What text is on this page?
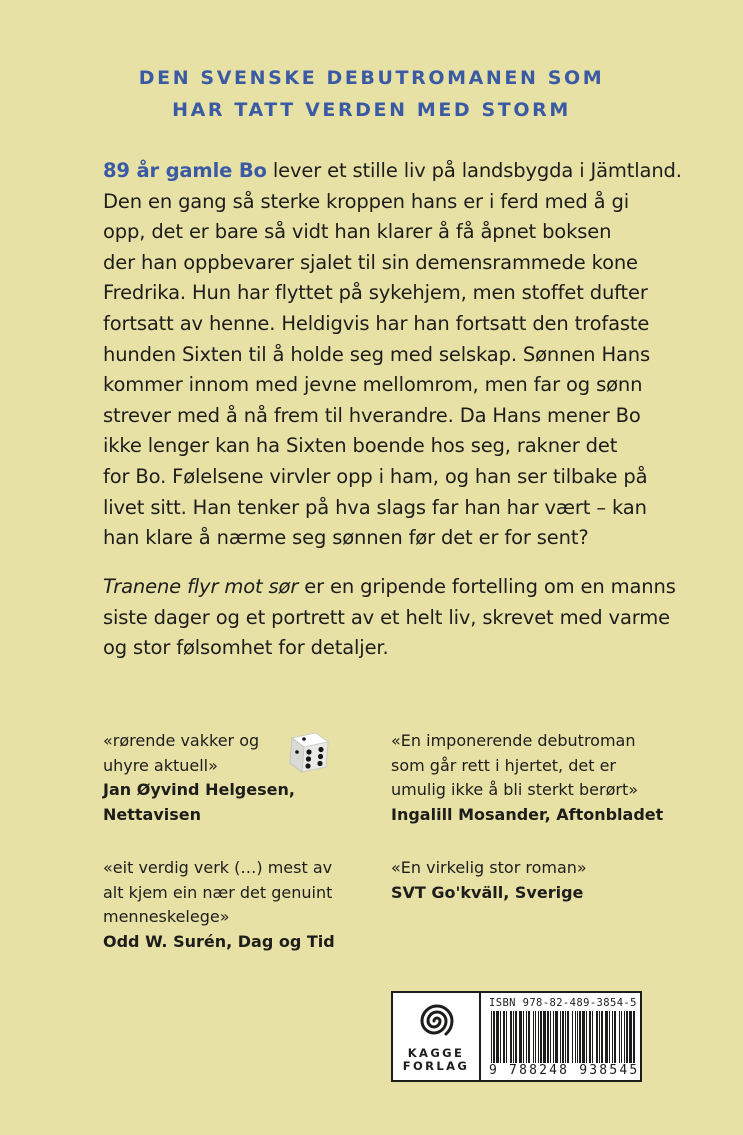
DEN SVENSKE DEBUTROMANEN SOM
HAR TATT VERDEN MED STORM
89 år gamle Bo lever et stille liv på landsbygda i Jämtland.
Den en gang så sterke kroppen hans er i ferd med å gi
opp, det er bare så vidt han klarer å få åpnet boksen
der han oppbevarer sjalet til sin demensrammede kone
Fredrika. Hun har flyttet på sykehjem, men stoffet dufter
fortsatt av henne. Heldigvis har han fortsatt den trofaste
hunden Sixten til å holde seg med selskap. Sønnen Hans
kommer innom med jevne mellomrom, men far og sønn
strever med å nå frem til hverandre. Da Hans mener Bo
ikke lenger kan ha Sixten boende hos seg, rakner det
for Bo. Følelsene virvler opp i ham, og han ser tilbake på
livet sitt. Han tenker på hva slags far han har vært – kan
han klare å nærme seg sønnen før det er for sent?
Tranene flyr mot sør er en gripende fortelling om en manns
siste dager og et portrett av et helt liv, skrevet med varme
og stor følsomhet for detaljer.
«rørende vakker og
uhyre aktuell»
Jan Øyvind Helgesen,
Nettavisen
«En imponerende debutroman
som går rett i hjertet, det er
umulig ikke å bli sterkt berørt»
Ingalill Mosander, Aftonbladet
«eit verdig verk (…) mest av
alt kjem ein nær det genuint
menneskelege»
Odd W. Surén, Dag og Tid
«En virkelig stor roman»
SVT Go'kväll, Sverige
KAGGE
FORLAG
ISBN 978-82-489-3854-5
9 788248 938545
